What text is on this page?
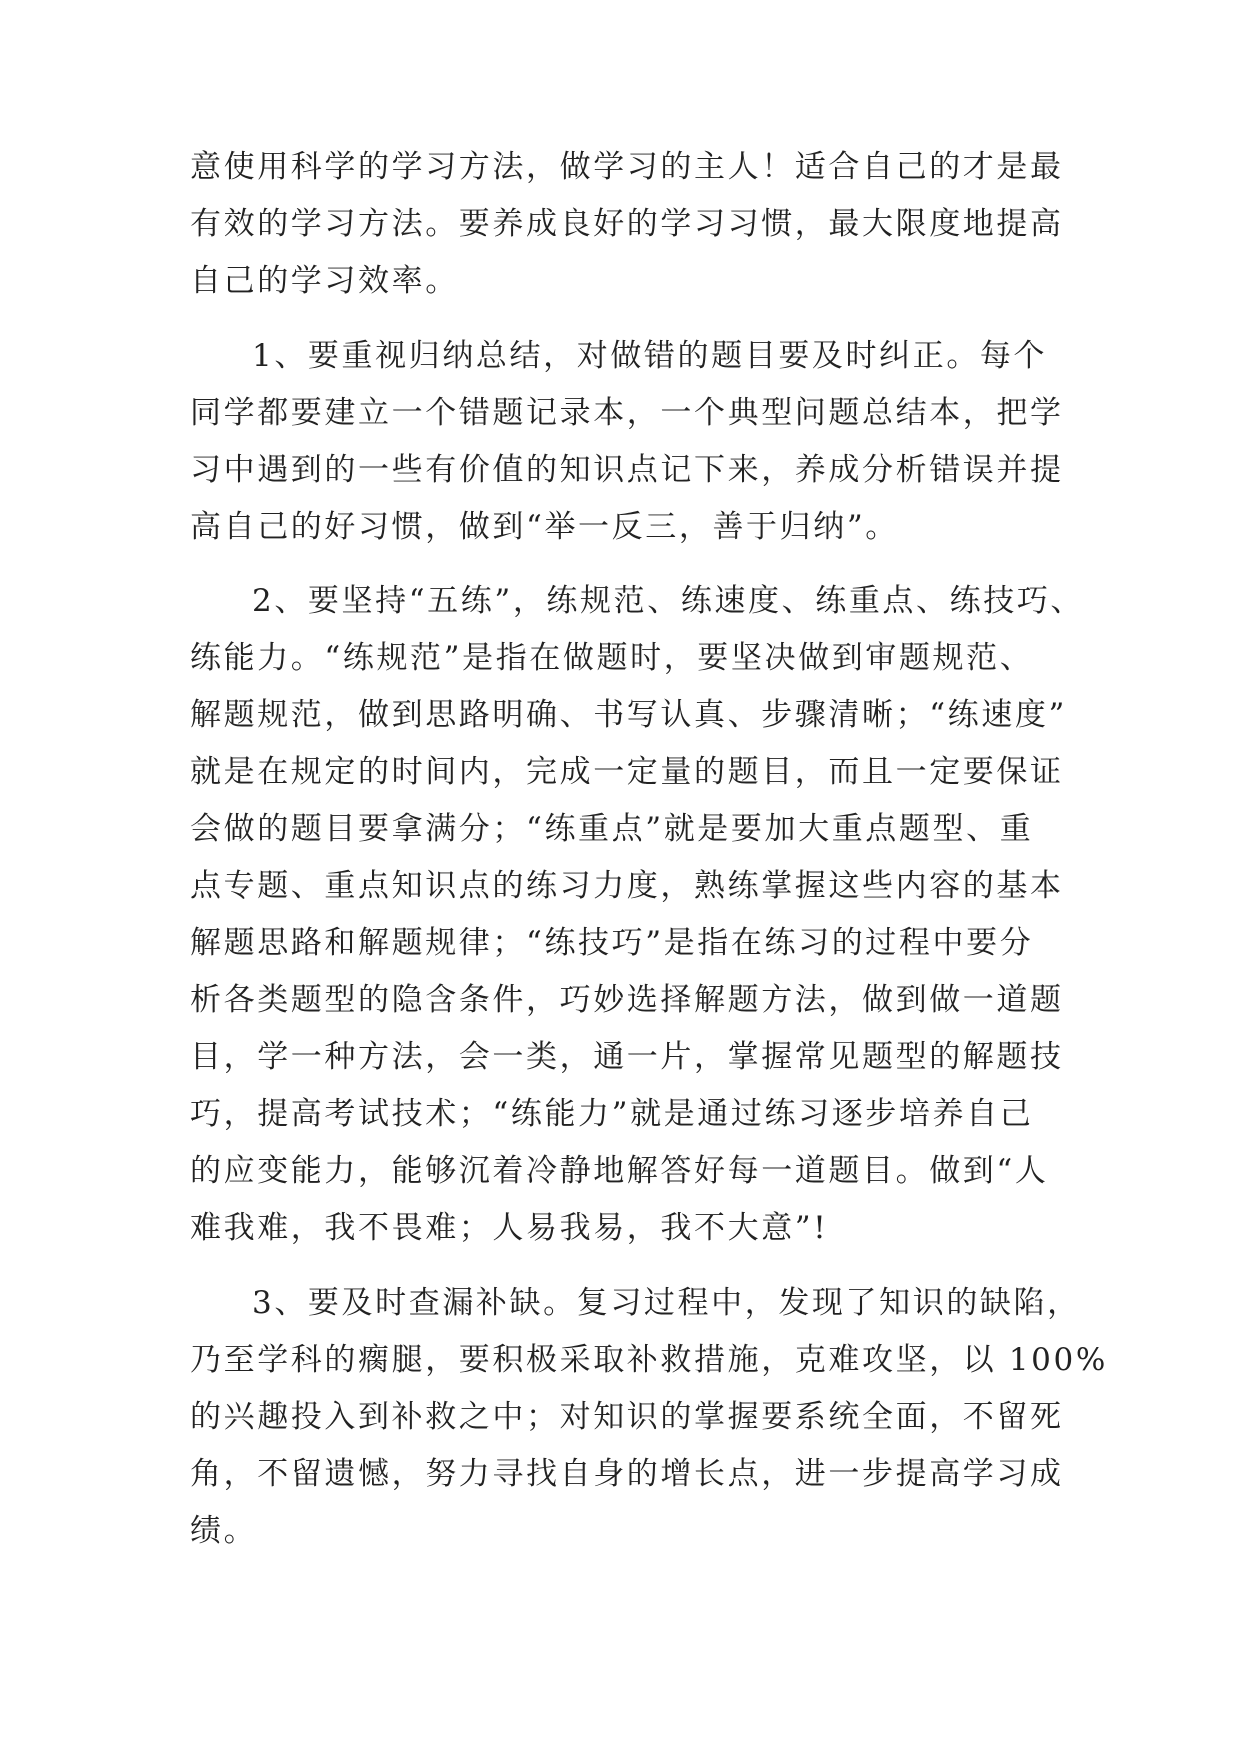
意使用科学的学习方法，做学习的主人！适合自己的才是最
有效的学习方法。要养成良好的学习习惯，最大限度地提高
自己的学习效率。
1、要重视归纳总结，对做错的题目要及时纠正。每个
同学都要建立一个错题记录本，一个典型问题总结本，把学
习中遇到的一些有价值的知识点记下来，养成分析错误并提
高自己的好习惯，做到“举一反三，善于归纳”。
2、要坚持“五练”，练规范、练速度、练重点、练技巧、
练能力。“练规范”是指在做题时，要坚决做到审题规范、
解题规范，做到思路明确、书写认真、步骤清晰；“练速度”
就是在规定的时间内，完成一定量的题目，而且一定要保证
会做的题目要拿满分；“练重点”就是要加大重点题型、重
点专题、重点知识点的练习力度，熟练掌握这些内容的基本
解题思路和解题规律；“练技巧”是指在练习的过程中要分
析各类题型的隐含条件，巧妙选择解题方法，做到做一道题
目，学一种方法，会一类，通一片，掌握常见题型的解题技
巧，提高考试技术；“练能力”就是通过练习逐步培养自己
的应变能力，能够沉着冷静地解答好每一道题目。做到“人
难我难，我不畏难；人易我易，我不大意”!
3、要及时查漏补缺。复习过程中，发现了知识的缺陷，
乃至学科的瘸腿，要积极采取补救措施，克难攻坚，以 100%
的兴趣投入到补救之中；对知识的掌握要系统全面，不留死
角，不留遗憾，努力寻找自身的增长点，进一步提高学习成
绩。
